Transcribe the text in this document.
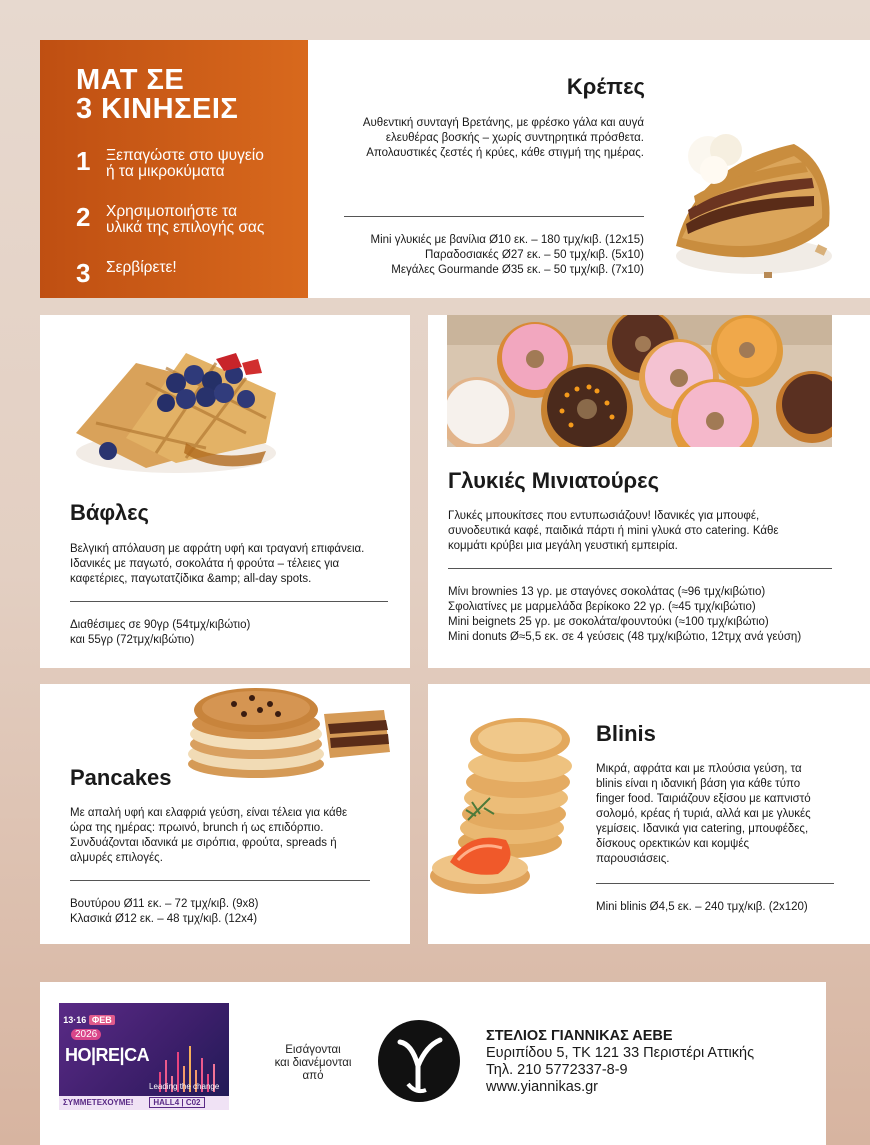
ΜΑΤ ΣΕ
3 ΚΙΝΗΣΕΙΣ
1	Ξεπαγώστε στο ψυγείο
ή τα μικροκύματα
2	Χρησιμοποιήστε τα
υλικά της επιλογής σας
3	Σερβίρετε!
Κρέπες
Αυθεντική συνταγή Βρετάνης, με φρέσκο γάλα και αυγά
ελευθέρας βοσκής – χωρίς συντηρητικά πρόσθετα.
Απολαυστικές ζεστές ή κρύες, κάθε στιγμή της ημέρας.
Mini γλυκιές με βανίλια Ø10 εκ. – 180 τμχ/κιβ. (12x15)
Παραδοσιακές Ø27 εκ. – 50 τμχ/κιβ. (5x10)
Μεγάλες Gourmande Ø35 εκ. – 50 τμχ/κιβ. (7x10)
Βάφλες
Βελγική απόλαυση με αφράτη υφή και τραγανή επιφάνεια.
Ιδανικές με παγωτό, σοκολάτα ή φρούτα – τέλειες για
καφετέριες, παγωτατζίδικα &amp; all-day spots.
Διαθέσιμες σε 90γρ (54τμχ/κιβώτιο)
και 55γρ (72τμχ/κιβώτιο)
Γλυκιές Μινιατούρες
Γλυκές μπουκίτσες που εντυπωσιάζουν! Ιδανικές για μπουφέ,
συνοδευτικά καφέ, παιδικά πάρτι ή mini γλυκά στο catering. Κάθε
κομμάτι κρύβει μια μεγάλη γευστική εμπειρία.
Μίνι brownies 13 γρ. με σταγόνες σοκολάτας (≈96 τμχ/κιβώτιο)
Σφολιατίνες με μαρμελάδα βερίκοκο 22 γρ. (≈45 τμχ/κιβώτιο)
Mini beignets 25 γρ. με σοκολάτα/φουντούκι (≈100 τμχ/κιβώτιο)
Mini donuts Ø≈5,5 εκ. σε 4 γεύσεις (48 τμχ/κιβώτιο, 12τμχ ανά γεύση)
Pancakes
Με απαλή υφή και ελαφριά γεύση, είναι τέλεια για κάθε
ώρα της ημέρας: πρωινό, brunch ή ως επιδόρπιο.
Συνδυάζονται ιδανικά με σιρόπια, φρούτα, spreads ή
αλμυρές επιλογές.
Βουτύρου Ø11 εκ. – 72 τμχ/κιβ. (9x8)
Κλασικά Ø12 εκ. – 48 τμχ/κιβ. (12x4)
Blinis
Μικρά, αφράτα και με πλούσια γεύση, τα
blinis είναι η ιδανική βάση για κάθε τύπο
finger food. Ταιριάζουν εξίσου με καπνιστό
σολομό, κρέας ή τυριά, αλλά και με γλυκές
γεμίσεις. Ιδανικά για catering, μπουφέδες,
δίσκους ορεκτικών και κομψές
παρουσιάσεις.
Mini blinis Ø4,5 εκ. – 240 τμχ/κιβ. (2x120)
13·16 ΦΕΒ
2026
HO|RE|CA
Leading the change
ΣΥΜΜΕΤΕΧΟΥΜΕ!	HALL4 | C02
Εισάγονται
και διανέμονται
από
ΣΤΕΛΙΟΣ ΓΙΑΝΝΙΚΑΣ ΑΕΒΕ
Ευριπίδου 5, ΤΚ 121 33 Περιστέρι Αττικής
Τηλ. 210 5772337-8-9
www.yiannikas.gr
